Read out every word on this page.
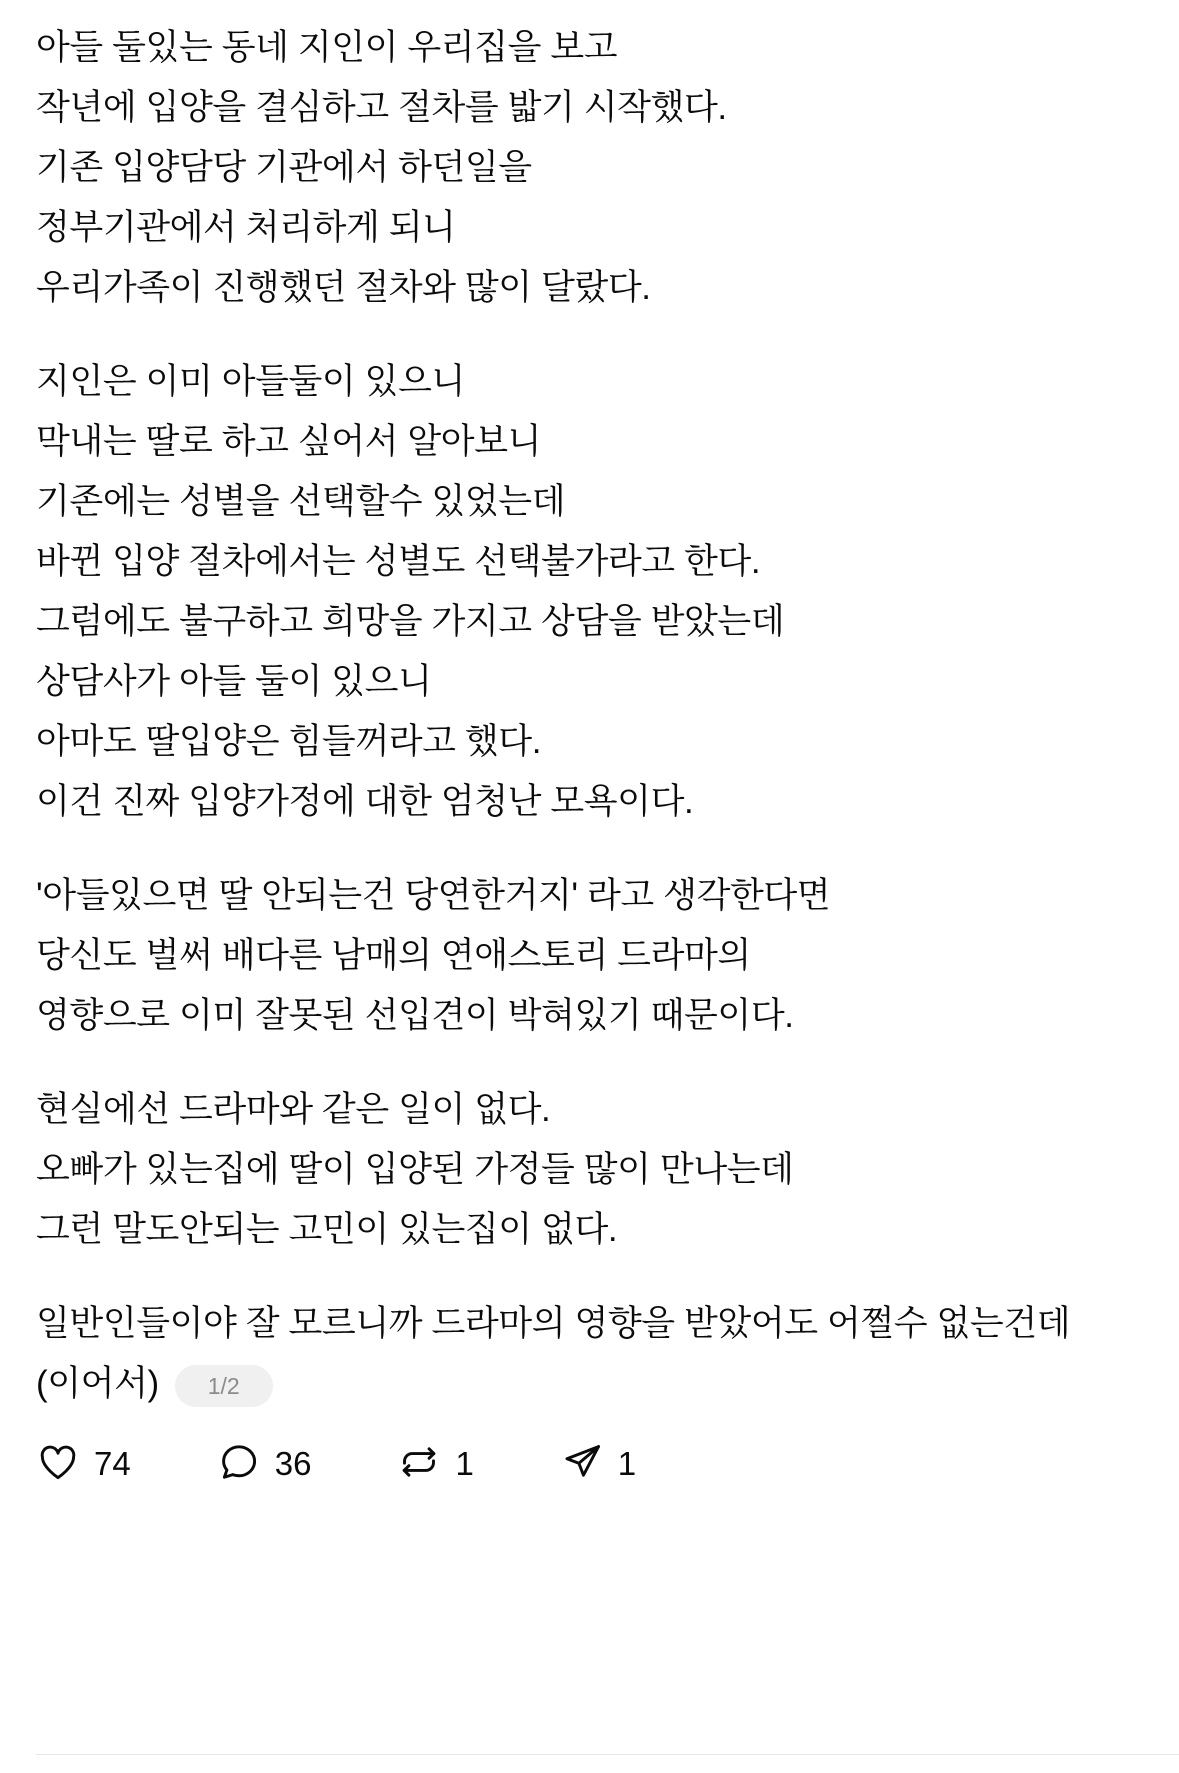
아들 둘있는 동네 지인이 우리집을 보고
작년에 입양을 결심하고 절차를 밟기 시작했다.
기존 입양담당 기관에서 하던일을
정부기관에서 처리하게 되니
우리가족이 진행했던 절차와 많이 달랐다.
지인은 이미 아들둘이 있으니
막내는 딸로 하고 싶어서 알아보니
기존에는 성별을 선택할수 있었는데
바뀐 입양 절차에서는 성별도 선택불가라고 한다.
그럼에도 불구하고 희망을 가지고 상담을 받았는데
상담사가 아들 둘이 있으니
아마도 딸입양은 힘들꺼라고 했다.
이건 진짜 입양가정에 대한 엄청난 모욕이다.
'아들있으면 딸 안되는건 당연한거지' 라고 생각한다면
당신도 벌써 배다른 남매의 연애스토리 드라마의
영향으로 이미 잘못된 선입견이 박혀있기 때문이다.
현실에선 드라마와 같은 일이 없다.
오빠가 있는집에 딸이 입양된 가정들 많이 만나는데
그런 말도안되는 고민이 있는집이 없다.
일반인들이야 잘 모르니까 드라마의 영향을 받았어도 어쩔수 없는건데
(이어서)	1/2
74	36	1	1
